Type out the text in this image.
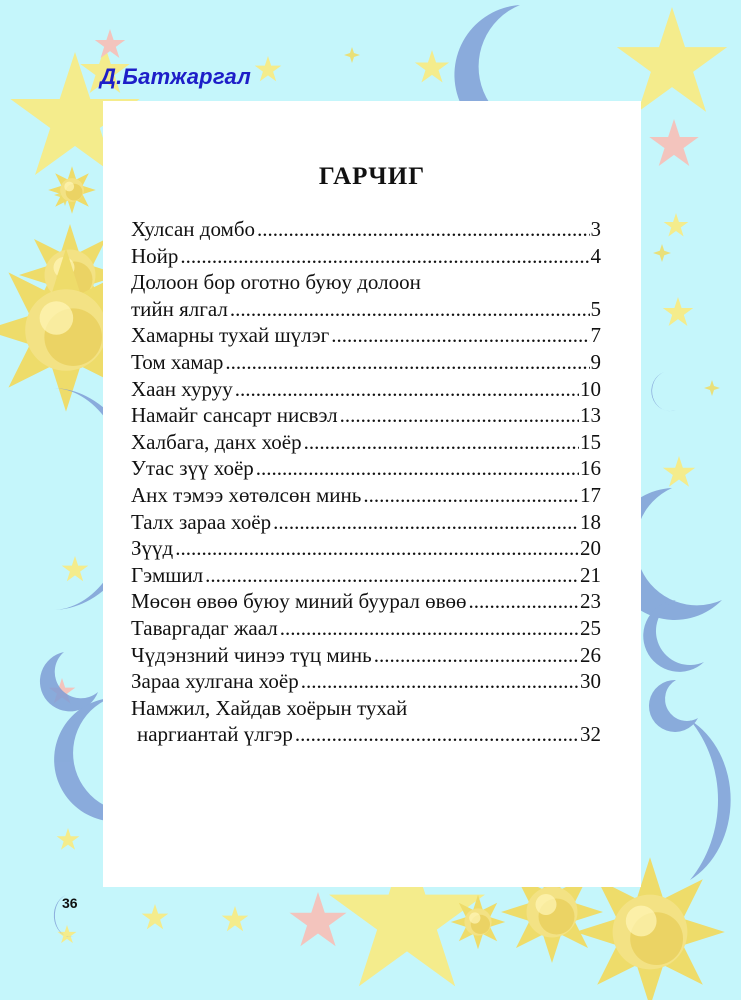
Д.Батжаргал
ГАРЧИГ
Хулсан домбо .....	3
Нойр .....	4
Долоон бор оготно буюу долоон
тийн ялгал .....	5
Хамарны тухай шүлэг .....	7
Том хамар .....	9
Хаан хуруу .....	10
Намайг сансарт нисвэл .....	13
Халбага, данх хоёр .....	15
Утас зүү хоёр .....	16
Анх тэмээ хөтөлсөн минь .....	17
Талх зараа хоёр .....	18
Зүүд .....	20
Гэмшил .....	21
Мөсөн өвөө буюу миний буурал өвөө .....	23
Таваргадаг жаал .....	25
Чүдэнзний чинээ түц минь .....	26
Зараа хулгана хоёр .....	30
Намжил, Хайдав хоёрын тухай
наргиантай үлгэр .....	32
36
